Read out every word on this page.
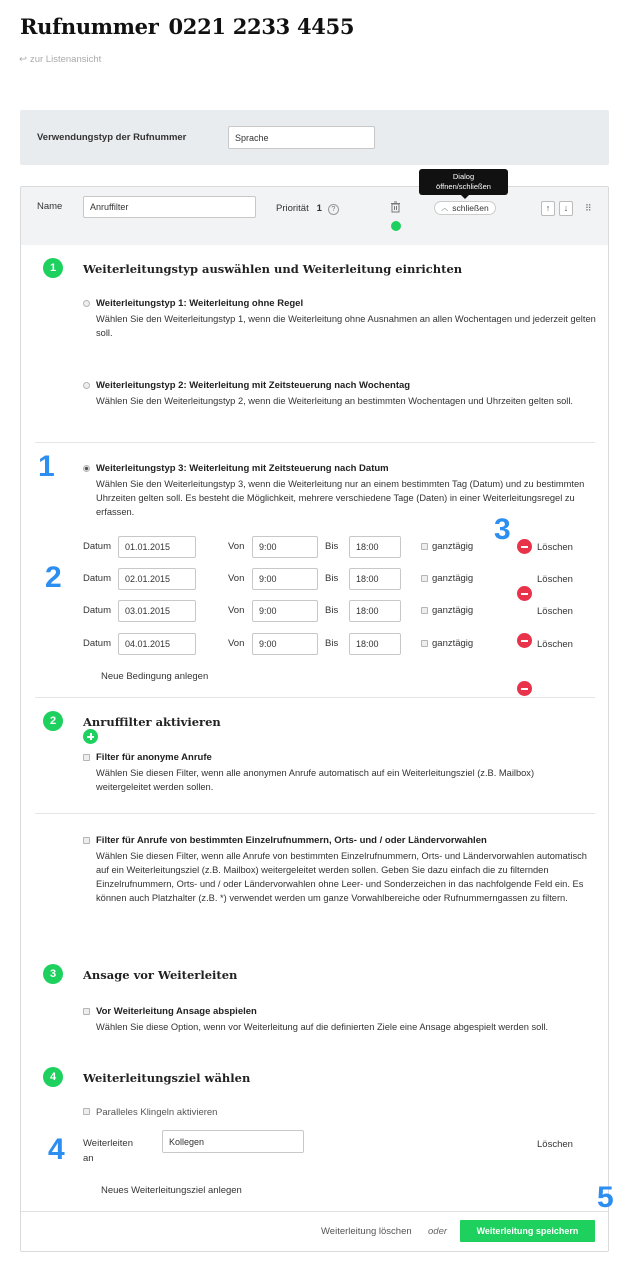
Rufnummer 0221 2233 4455
↩ zur Listenansicht
Verwendungstyp der Rufnummer	Sprache
Name	Anruffilter	Priorität 1 ?
Dialog
öffnen/schließen
︿ schließen	↑	↓	⠿
1	Weiterleitungstyp auswählen und Weiterleitung einrichten
Weiterleitungstyp 1: Weiterleitung ohne Regel
Wählen Sie den Weiterleitungstyp 1, wenn die Weiterleitung ohne Ausnahmen an allen Wochentagen und jederzeit gelten soll.
Weiterleitungstyp 2: Weiterleitung mit Zeitsteuerung nach Wochentag
Wählen Sie den Weiterleitungstyp 2, wenn die Weiterleitung an bestimmten Wochentagen und Uhrzeiten gelten soll.
Weiterleitungstyp 3: Weiterleitung mit Zeitsteuerung nach Datum
Wählen Sie den Weiterleitungstyp 3, wenn die Weiterleitung nur an einem bestimmten Tag (Datum) und zu bestimmten Uhrzeiten gelten soll. Es besteht die Möglichkeit, mehrere verschiedene Tage (Daten) in einer Weiterleitungsregel zu erfassen.
Datum	01.01.2015	Von	9:00	Bis	18:00	ganztägig	Löschen
Datum	02.01.2015	Von	9:00	Bis	18:00	ganztägig	Löschen
Datum	03.01.2015	Von	9:00	Bis	18:00	ganztägig	Löschen
Datum	04.01.2015	Von	9:00	Bis	18:00	ganztägig	Löschen
Neue Bedingung anlegen
2	Anruffilter aktivieren
Filter für anonyme Anrufe
Wählen Sie diesen Filter, wenn alle anonymen Anrufe automatisch auf ein Weiterleitungsziel (z.B. Mailbox) weitergeleitet werden sollen.
Filter für Anrufe von bestimmten Einzelrufnummern, Orts- und / oder Ländervorwahlen
Wählen Sie diesen Filter, wenn alle Anrufe von bestimmten Einzelrufnummern, Orts- und Ländervorwahlen automatisch auf ein Weiterleitungsziel (z.B. Mailbox) weitergeleitet werden sollen. Geben Sie dazu einfach die zu filternden Einzelrufnummern, Orts- und / oder Ländervorwahlen ohne Leer- und Sonderzeichen in das nachfolgende Feld ein. Es können auch Platzhalter (z.B. *) verwendet werden um ganze Vorwahlbereiche oder Rufnummerngassen zu filtern.
3	Ansage vor Weiterleiten
Vor Weiterleitung Ansage abspielen
Wählen Sie diese Option, wenn vor Weiterleitung auf die definierten Ziele eine Ansage abgespielt werden soll.
4	Weiterleitungsziel wählen
Paralleles Klingeln aktivieren
Weiterleiten
an
Kollegen	Löschen
Neues Weiterleitungsziel anlegen
Weiterleitung löschen oder	Weiterleitung speichern
1
2
3
4
5
